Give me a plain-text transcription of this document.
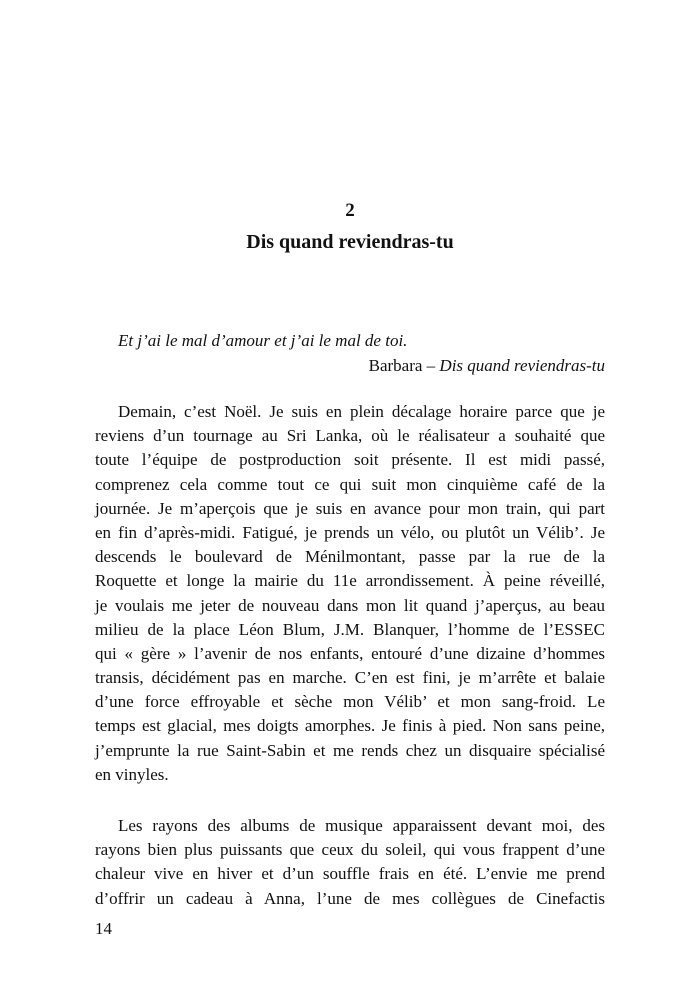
2
Dis quand reviendras-tu
Et j’ai le mal d’amour et j’ai le mal de toi.
Barbara – Dis quand reviendras-tu
Demain, c’est Noël. Je suis en plein décalage horaire parce que je
reviens d’un tournage au Sri Lanka, où le réalisateur a souhaité que
toute l’équipe de postproduction soit présente. Il est midi passé,
comprenez cela comme tout ce qui suit mon cinquième café de la
journée. Je m’aperçois que je suis en avance pour mon train, qui part
en fin d’après-midi. Fatigué, je prends un vélo, ou plutôt un Vélib’. Je
descends le boulevard de Ménilmontant, passe par la rue de la
Roquette et longe la mairie du 11e arrondissement. À peine réveillé,
je voulais me jeter de nouveau dans mon lit quand j’aperçus, au beau
milieu de la place Léon Blum, J.M. Blanquer, l’homme de l’ESSEC
qui « gère » l’avenir de nos enfants, entouré d’une dizaine d’hommes
transis, décidément pas en marche. C’en est fini, je m’arrête et balaie
d’une force effroyable et sèche mon Vélib’ et mon sang-froid. Le
temps est glacial, mes doigts amorphes. Je finis à pied. Non sans peine,
j’emprunte la rue Saint-Sabin et me rends chez un disquaire spécialisé
en vinyles.
Les rayons des albums de musique apparaissent devant moi, des
rayons bien plus puissants que ceux du soleil, qui vous frappent d’une
chaleur vive en hiver et d’un souffle frais en été. L’envie me prend
d’offrir un cadeau à Anna, l’une de mes collègues de Cinefactis
14
